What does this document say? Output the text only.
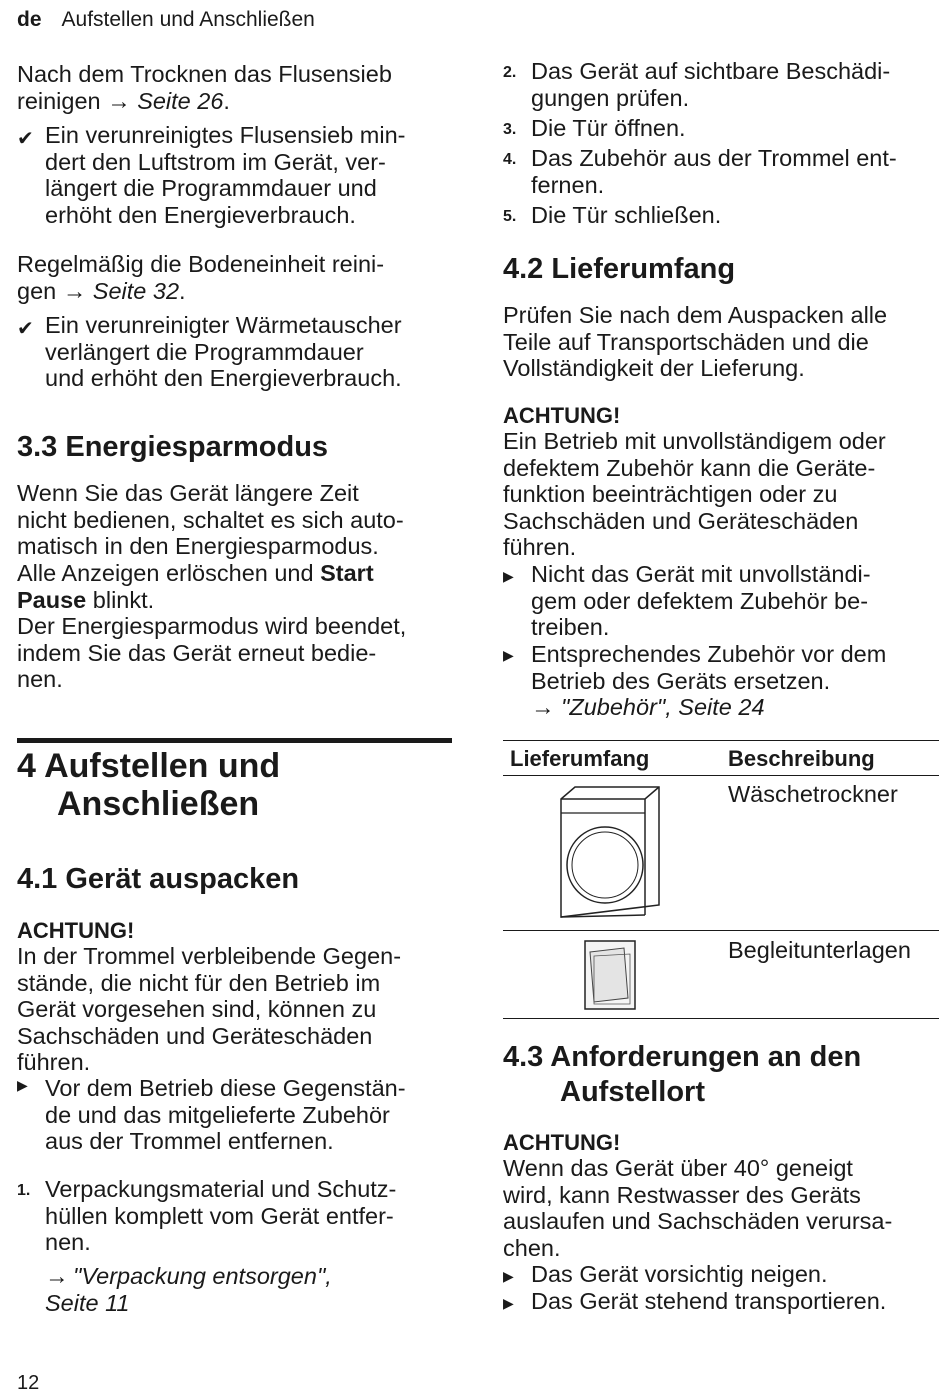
de Aufstellen und Anschließen
Nach dem Trocknen das Flusensieb
reinigen → Seite 26.
✔ Ein verunreinigtes Flusensieb min-
dert den Luftstrom im Gerät, ver-
längert die Programmdauer und
erhöht den Energieverbrauch.
Regelmäßig die Bodeneinheit reini-
gen → Seite 32.
✔ Ein verunreinigter Wärmetauscher
verlängert die Programmdauer
und erhöht den Energieverbrauch.
3.3 Energiesparmodus
Wenn Sie das Gerät längere Zeit
nicht bedienen, schaltet es sich auto-
matisch in den Energiesparmodus.
Alle Anzeigen erlöschen und Start
Pause blinkt.
Der Energiesparmodus wird beendet,
indem Sie das Gerät erneut bedie-
nen.
4 Aufstellen und
Anschließen
4.1 Gerät auspacken
ACHTUNG!
In der Trommel verbleibende Gegen-
stände, die nicht für den Betrieb im
Gerät vorgesehen sind, können zu
Sachschäden und Geräteschäden
führen.
▶ Vor dem Betrieb diese Gegenstän-
de und das mitgelieferte Zubehör
aus der Trommel entfernen.
1. Verpackungsmaterial und Schutz-
hüllen komplett vom Gerät entfer-
nen.
→ "Verpackung entsorgen",
Seite 11
2. Das Gerät auf sichtbare Beschädi-
gungen prüfen.
3. Die Tür öffnen.
4. Das Zubehör aus der Trommel ent-
fernen.
5. Die Tür schließen.
4.2 Lieferumfang
Prüfen Sie nach dem Auspacken alle
Teile auf Transportschäden und die
Vollständigkeit der Lieferung.
ACHTUNG!
Ein Betrieb mit unvollständigem oder
defektem Zubehör kann die Geräte-
funktion beeinträchtigen oder zu
Sachschäden und Geräteschäden
führen.
▶ Nicht das Gerät mit unvollständi-
gem oder defektem Zubehör be-
treiben.
▶ Entsprechendes Zubehör vor dem
Betrieb des Geräts ersetzen.
→ "Zubehör", Seite 24
Lieferumfang	Beschreibung
Wäschetrockner
Begleitunterlagen
4.3 Anforderungen an den
Aufstellort
ACHTUNG!
Wenn das Gerät über 40° geneigt
wird, kann Restwasser des Geräts
auslaufen und Sachschäden verursa-
chen.
▶ Das Gerät vorsichtig neigen.
▶ Das Gerät stehend transportieren.
12
